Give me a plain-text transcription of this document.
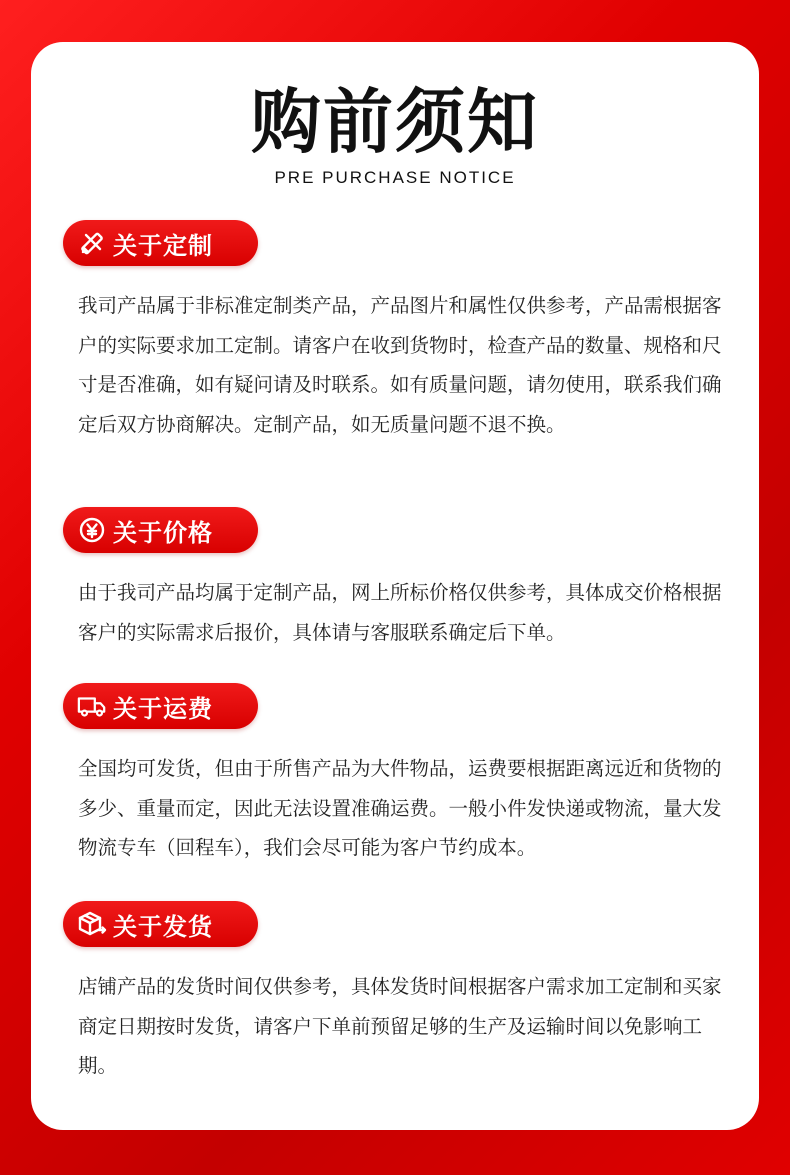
购前须知
PRE PURCHASE NOTICE
关于定制

我司产品属于非标准定制类产品，产品图片和属性仅供参考，产品需根据客户的实际要求加工定制。请客户在收到货物时，检查产品的数量、规格和尺寸是否准确，如有疑问请及时联系。如有质量问题，请勿使用，联系我们确定后双方协商解决。定制产品，如无质量问题不退不换。

关于价格

由于我司产品均属于定制产品，网上所标价格仅供参考，具体成交价格根据客户的实际需求后报价，具体请与客服联系确定后下单。

关于运费

全国均可发货，但由于所售产品为大件物品，运费要根据距离远近和货物的多少、重量而定，因此无法设置准确运费。一般小件发快递或物流，量大发物流专车（回程车），我们会尽可能为客户节约成本。

关于发货

店铺产品的发货时间仅供参考，具体发货时间根据客户需求加工定制和买家商定日期按时发货，请客户下单前预留足够的生产及运输时间以免影响工期。
